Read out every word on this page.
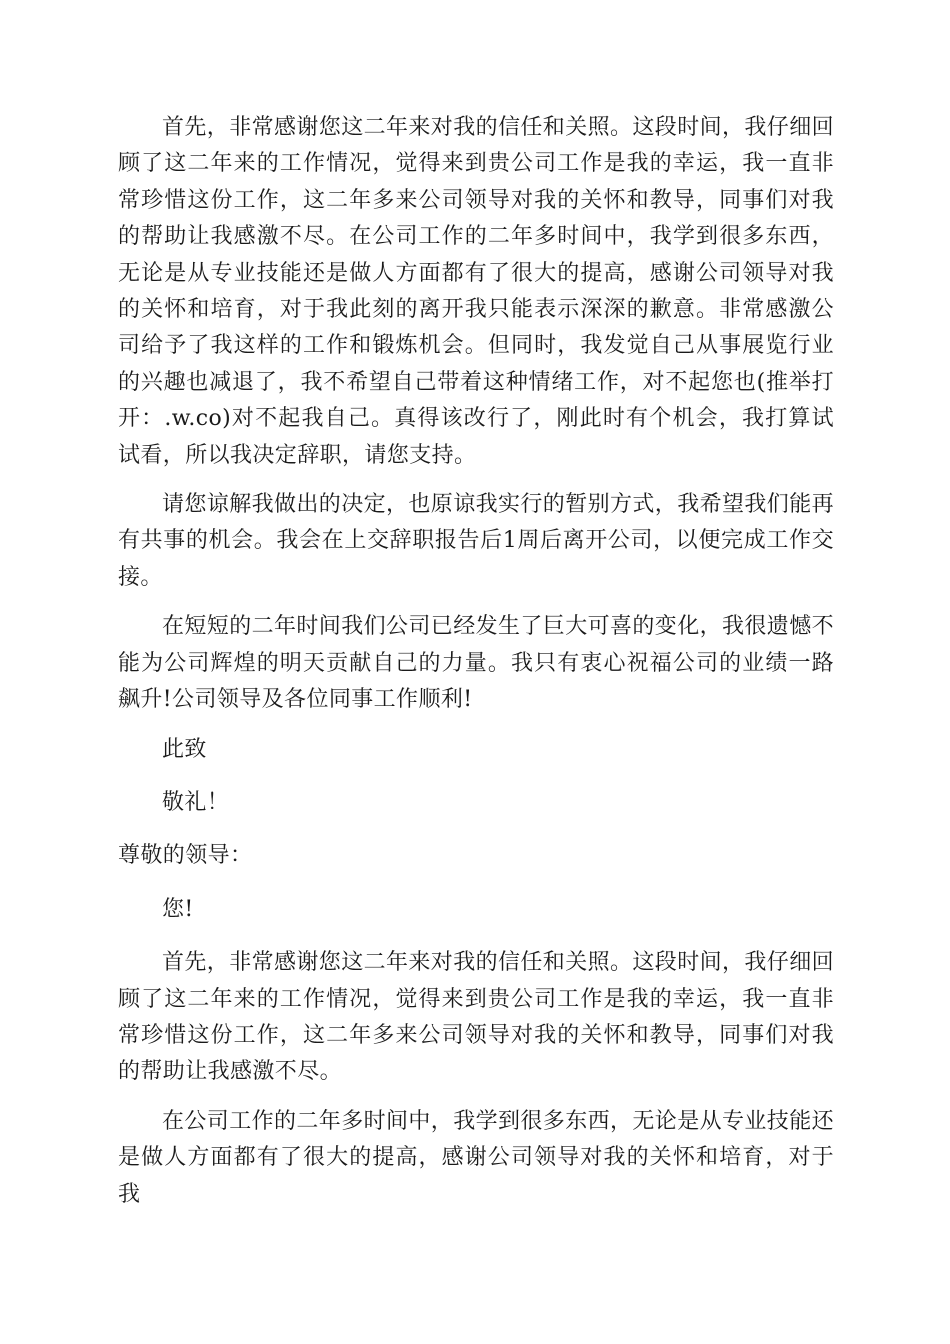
首先，非常感谢您这二年来对我的信任和关照。这段时间，我仔细回顾了这二年来的工作情况，觉得来到贵公司工作是我的幸运，我一直非常珍惜这份工作，这二年多来公司领导对我的关怀和教导，同事们对我的帮助让我感激不尽。在公司工作的二年多时间中，我学到很多东西，无论是从专业技能还是做人方面都有了很大的提高，感谢公司领导对我的关怀和培育，对于我此刻的离开我只能表示深深的歉意。非常感激公司给予了我这样的工作和锻炼机会。但同时，我发觉自己从事展览行业的兴趣也减退了，我不希望自己带着这种情绪工作，对不起您也(推举打开：.w.co)对不起我自己。真得该改行了，刚此时有个机会，我打算试试看，所以我决定辞职，请您支持。

请您谅解我做出的决定，也原谅我实行的暂别方式，我希望我们能再有共事的机会。我会在上交辞职报告后1周后离开公司，以便完成工作交接。

在短短的二年时间我们公司已经发生了巨大可喜的变化，我很遗憾不能为公司辉煌的明天贡献自己的力量。我只有衷心祝福公司的业绩一路飙升!公司领导及各位同事工作顺利!

此致

敬礼！

尊敬的领导：

您!

首先，非常感谢您这二年来对我的信任和关照。这段时间，我仔细回顾了这二年来的工作情况，觉得来到贵公司工作是我的幸运，我一直非常珍惜这份工作，这二年多来公司领导对我的关怀和教导，同事们对我的帮助让我感激不尽。

在公司工作的二年多时间中，我学到很多东西，无论是从专业技能还是做人方面都有了很大的提高，感谢公司领导对我的关怀和培育，对于我
